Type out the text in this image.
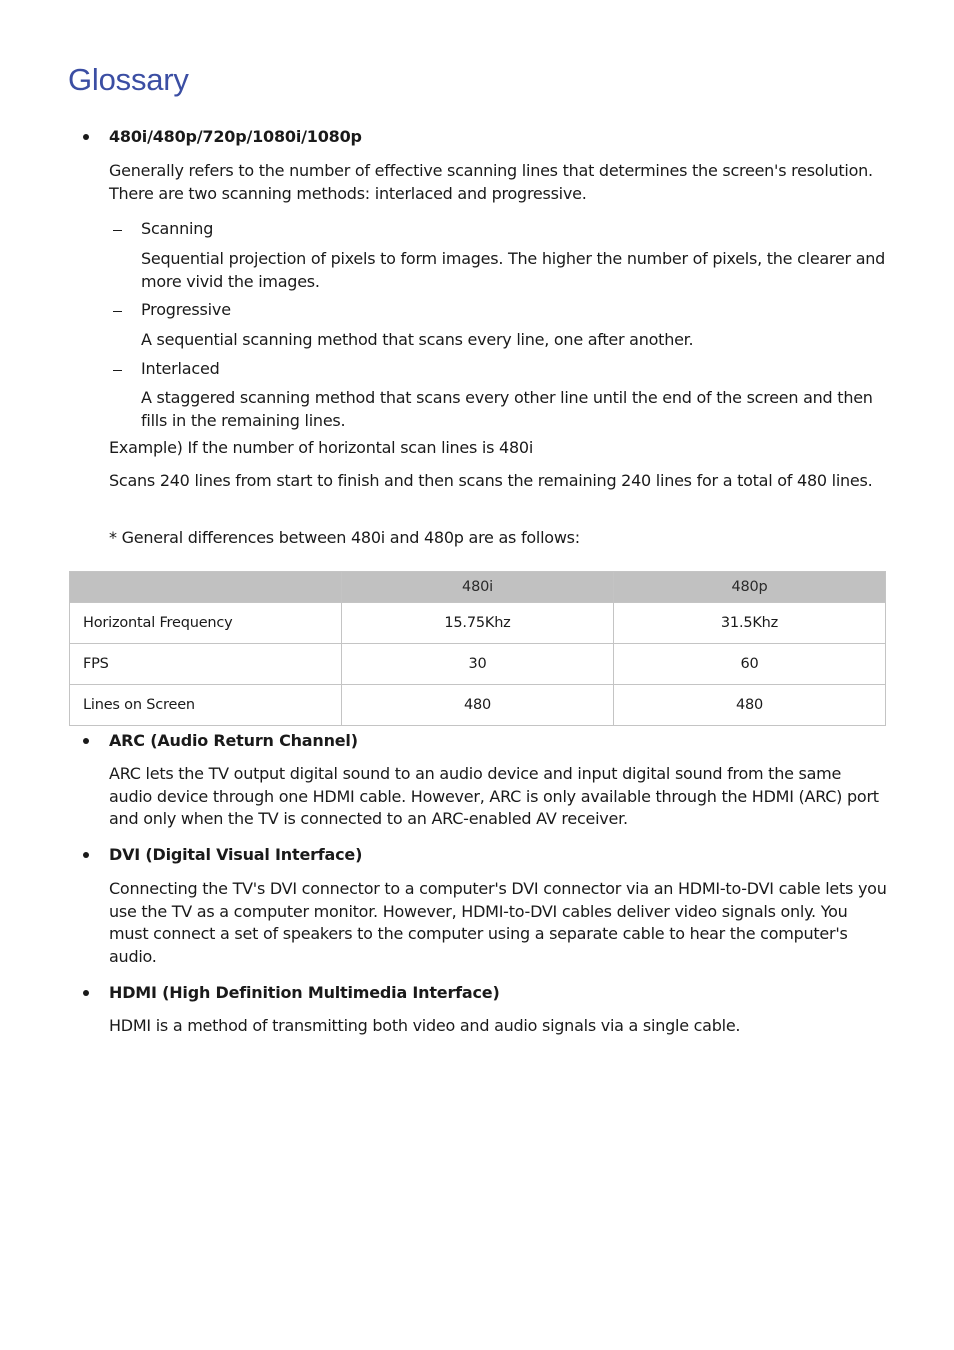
Glossary

480i/480p/720p/1080i/1080p

Generally refers to the number of effective scanning lines that determines the screen's resolution. There are two scanning methods: interlaced and progressive.

Scanning

Sequential projection of pixels to form images. The higher the number of pixels, the clearer and more vivid the images.

Progressive

A sequential scanning method that scans every line, one after another.

Interlaced

A staggered scanning method that scans every other line until the end of the screen and then fills in the remaining lines.

Example) If the number of horizontal scan lines is 480i

Scans 240 lines from start to finish and then scans the remaining 240 lines for a total of 480 lines.

* General differences between 480i and 480p are as follows:

	480i	480p
Horizontal Frequency	15.75Khz	31.5Khz
FPS	30	60
Lines on Screen	480	480

ARC (Audio Return Channel)

ARC lets the TV output digital sound to an audio device and input digital sound from the same audio device through one HDMI cable. However, ARC is only available through the HDMI (ARC) port and only when the TV is connected to an ARC-enabled AV receiver.

DVI (Digital Visual Interface)

Connecting the TV's DVI connector to a computer's DVI connector via an HDMI-to-DVI cable lets you use the TV as a computer monitor. However, HDMI-to-DVI cables deliver video signals only. You must connect a set of speakers to the computer using a separate cable to hear the computer's audio.

HDMI (High Definition Multimedia Interface)

HDMI is a method of transmitting both video and audio signals via a single cable.
